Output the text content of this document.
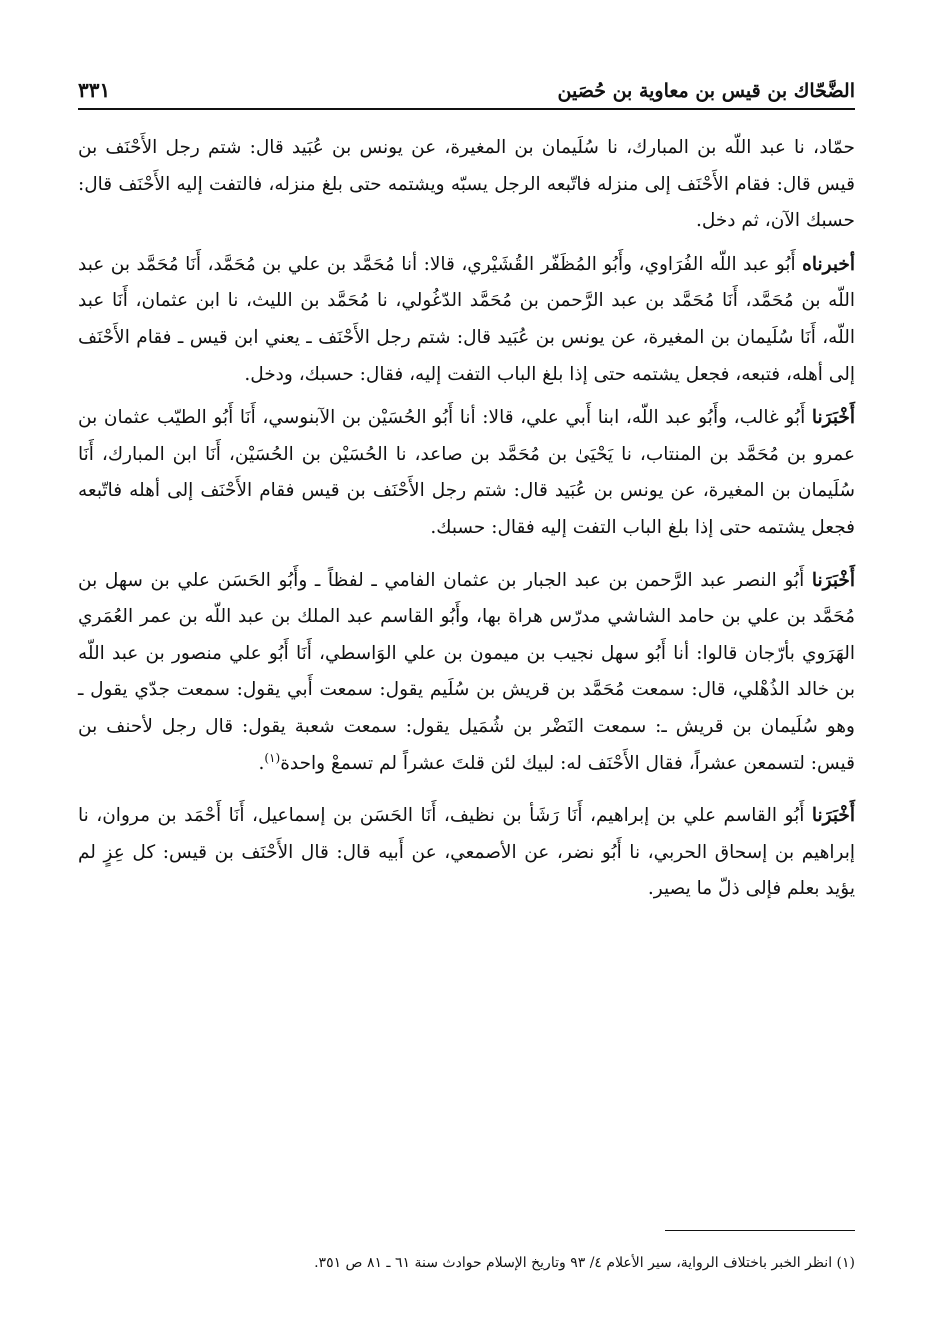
الضَّحّاك بن قيس بن معاوية بن حُصَين
٣٣١

حمّاد، نا عبد اللّه بن المبارك، نا سُلَيمان بن المغيرة، عن يونس بن عُبَيد قال: شتم رجل الأَحْنَف بن قيس قال: فقام الأَحْنَف إلى منزله فاتّبعه الرجل يسبّه ويشتمه حتى بلغ منزله، فالتفت إليه الأَحْنَف قال: حسبك الآن، ثم دخل.

أخبرناه أَبُو عبد اللّه الفُرَاوي، وأَبُو المُظَفّر القُشَيْري، قالا: أنا مُحَمَّد بن علي بن مُحَمَّد، أَنَا مُحَمَّد بن عبد اللّه بن مُحَمَّد، أَنَا مُحَمَّد بن عبد الرَّحمن بن مُحَمَّد الدّغُولي، نا مُحَمَّد بن الليث، نا ابن عثمان، أَنَا عبد اللّه، أَنَا سُلَيمان بن المغيرة، عن يونس بن عُبَيد قال: شتم رجل الأَحْنَف ـ يعني ابن قيس ـ فقام الأَحْنَف إلى أهله، فتبعه، فجعل يشتمه حتى إذا بلغ الباب التفت إليه، فقال: حسبك، ودخل.

أَخْبَرَنا أَبُو غالب، وأَبُو عبد اللّه، ابنا أَبي علي، قالا: أنا أَبُو الحُسَيْن بن الآبنوسي، أَنَا أَبُو الطيّب عثمان بن عمرو بن مُحَمَّد بن المنتاب، نا يَحْيَىٰ بن مُحَمَّد بن صاعد، نا الحُسَيْن بن الحُسَيْن، أَنَا ابن المبارك، أَنَا سُلَيمان بن المغيرة، عن يونس بن عُبَيد قال: شتم رجل الأَحْنَف بن قيس فقام الأَحْنَف إلى أهله فاتّبعه فجعل يشتمه حتى إذا بلغ الباب التفت إليه فقال: حسبك.

أَخْبَرَنا أَبُو النصر عبد الرَّحمن بن عبد الجبار بن عثمان الفامي ـ لفظاً ـ وأَبُو الحَسَن علي بن سهل بن مُحَمَّد بن علي بن حامد الشاشي مدرّس هراة بها، وأَبُو القاسم عبد الملك بن عبد اللّه بن عمر العُمَري الهَرَوي بأرّجان قالوا: أنا أَبُو سهل نجيب بن ميمون بن علي الوَاسطي، أَنَا أَبُو علي منصور بن عبد اللّه بن خالد الذُهْلي، قال: سمعت مُحَمَّد بن قريش بن سُلَيم يقول: سمعت أَبي يقول: سمعت جدّي يقول ـ وهو سُلَيمان بن قريش ـ: سمعت النَضْر بن شُمَيل يقول: سمعت شعبة يقول: قال رجل لأحنف بن قيس: لتسمعن عشراً، فقال الأَحْنَف له: لبيك لئن قلتَ عشراً لم تسمعْ واحدة$^{(١)}$.

أَخْبَرَنا أَبُو القاسم علي بن إبراهيم، أَنَا رَشَأ بن نظيف، أَنَا الحَسَن بن إسماعيل، أَنَا أَحْمَد بن مروان، نا إبراهيم بن إسحاق الحربي، نا أَبُو نضر، عن الأصمعي، عن أَبيه قال: قال الأَحْنَف بن قيس: كل عِزٍ لم يؤيد بعلم فإلى ذلّ ما يصير.

(١) انظر الخبر باختلاف الرواية، سير الأعلام ٤/ ٩٣ وتاريخ الإسلام حوادث سنة ٦١ ـ ٨١ ص ٣٥١.
